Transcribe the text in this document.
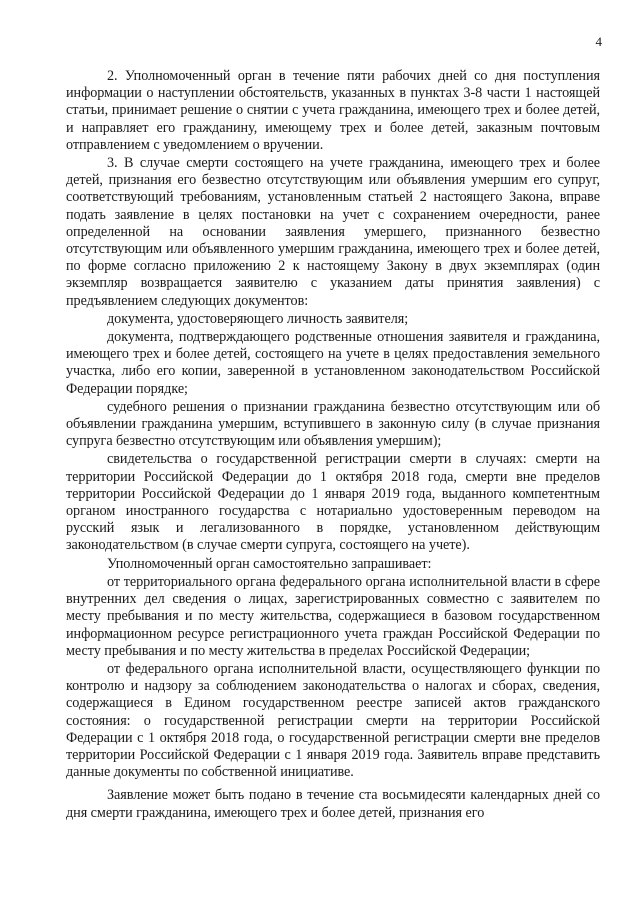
4

2. Уполномоченный орган в течение пяти рабочих дней со дня поступления информации о наступлении обстоятельств, указанных в пунктах 3-8 части 1 настоящей статьи, принимает решение о снятии с учета гражданина, имеющего трех и более детей, и направляет его гражданину, имеющему трех и более детей, заказным почтовым отправлением с уведомлением о вручении.

3. В случае смерти состоящего на учете гражданина, имеющего трех и более детей, признания его безвестно отсутствующим или объявления умершим его супруг, соответствующий требованиям, установленным статьей 2 настоящего Закона, вправе подать заявление в целях постановки на учет с сохранением очередности, ранее определенной на основании заявления умершего, признанного безвестно отсутствующим или объявленного умершим гражданина, имеющего трех и более детей, по форме согласно приложению 2 к настоящему Закону в двух экземплярах (один экземпляр возвращается заявителю с указанием даты принятия заявления) с предъявлением следующих документов:

документа, удостоверяющего личность заявителя;

документа, подтверждающего родственные отношения заявителя и гражданина, имеющего трех и более детей, состоящего на учете в целях предоставления земельного участка, либо его копии, заверенной в установленном законодательством Российской Федерации порядке;

судебного решения о признании гражданина безвестно отсутствующим или об объявлении гражданина умершим, вступившего в законную силу (в случае признания супруга безвестно отсутствующим или объявления умершим);

свидетельства о государственной регистрации смерти в случаях: смерти на территории Российской Федерации до 1 октября 2018 года, смерти вне пределов территории Российской Федерации до 1 января 2019 года, выданного компетентным органом иностранного государства с нотариально удостоверенным переводом на русский язык и легализованного в порядке, установленном действующим законодательством (в случае смерти супруга, состоящего на учете).

Уполномоченный орган самостоятельно запрашивает:

от территориального органа федерального органа исполнительной власти в сфере внутренних дел сведения о лицах, зарегистрированных совместно с заявителем по месту пребывания и по месту жительства, содержащиеся в базовом государственном информационном ресурсе регистрационного учета граждан Российской Федерации по месту пребывания и по месту жительства в пределах Российской Федерации;

от федерального органа исполнительной власти, осуществляющего функции по контролю и надзору за соблюдением законодательства о налогах и сборах, сведения, содержащиеся в Едином государственном реестре записей актов гражданского состояния: о государственной регистрации смерти на территории Российской Федерации с 1 октября 2018 года, о государственной регистрации смерти вне пределов территории Российской Федерации с 1 января 2019 года. Заявитель вправе представить данные документы по собственной инициативе.

Заявление может быть подано в течение ста восьмидесяти календарных дней со дня смерти гражданина, имеющего трех и более детей, признания его
